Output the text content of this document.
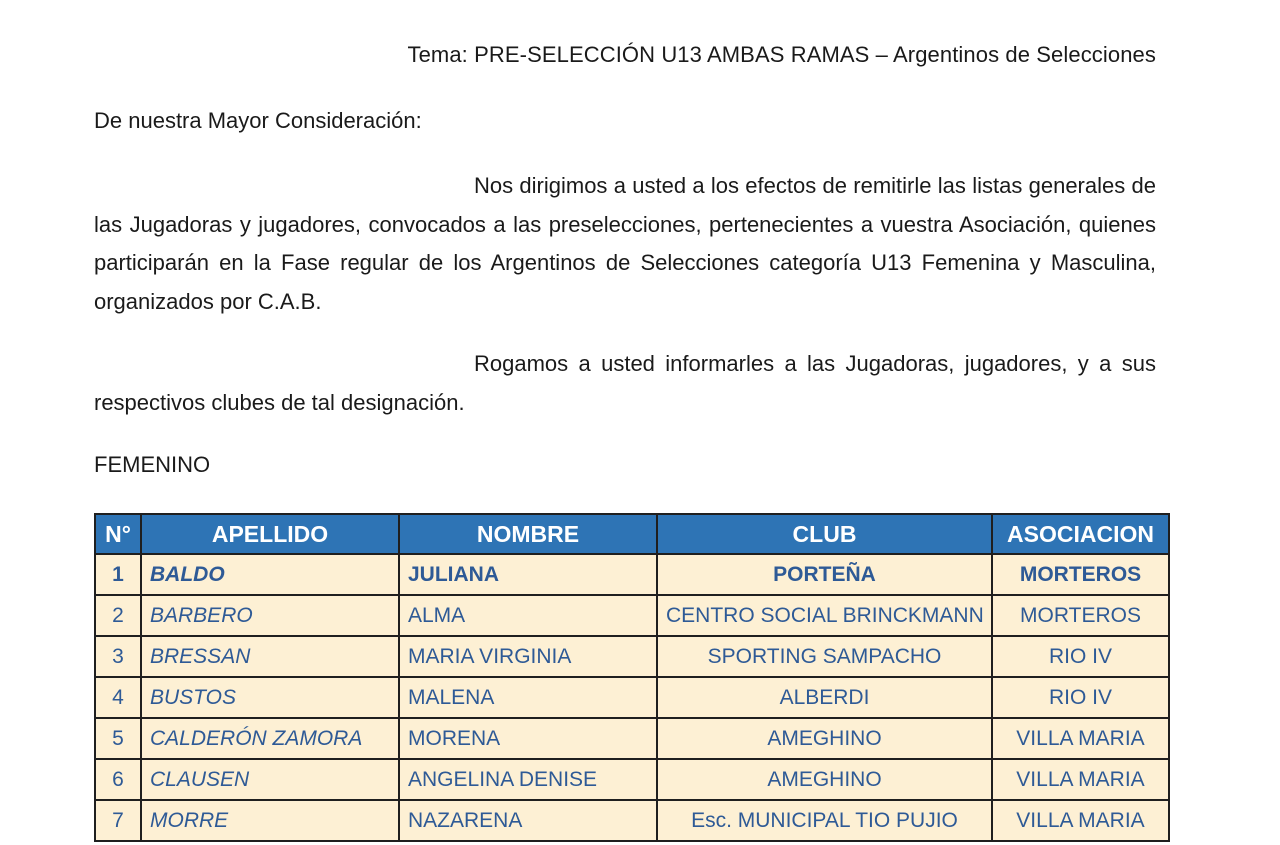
Tema: PRE-SELECCIÓN U13 AMBAS RAMAS – Argentinos de Selecciones
De nuestra Mayor Consideración:

Nos dirigimos a usted a los efectos de remitirle las listas generales de las Jugadoras y jugadores, convocados a las preselecciones, pertenecientes a vuestra Asociación, quienes participarán en la Fase regular de los Argentinos de Selecciones categoría U13 Femenina y Masculina, organizados por C.A.B.

Rogamos a usted informarles a las Jugadoras, jugadores, y a sus respectivos clubes de tal designación.

FEMENINO
N°	APELLIDO	NOMBRE	CLUB	ASOCIACION
1	BALDO	JULIANA	PORTEÑA	MORTEROS
2	BARBERO	ALMA	CENTRO SOCIAL BRINCKMANN	MORTEROS
3	BRESSAN	MARIA VIRGINIA	SPORTING SAMPACHO	RIO IV
4	BUSTOS	MALENA	ALBERDI	RIO IV
5	CALDERÓN ZAMORA	MORENA	AMEGHINO	VILLA MARIA
6	CLAUSEN	ANGELINA DENISE	AMEGHINO	VILLA MARIA
7	MORRE	NAZARENA	Esc. MUNICIPAL TIO PUJIO	VILLA MARIA
